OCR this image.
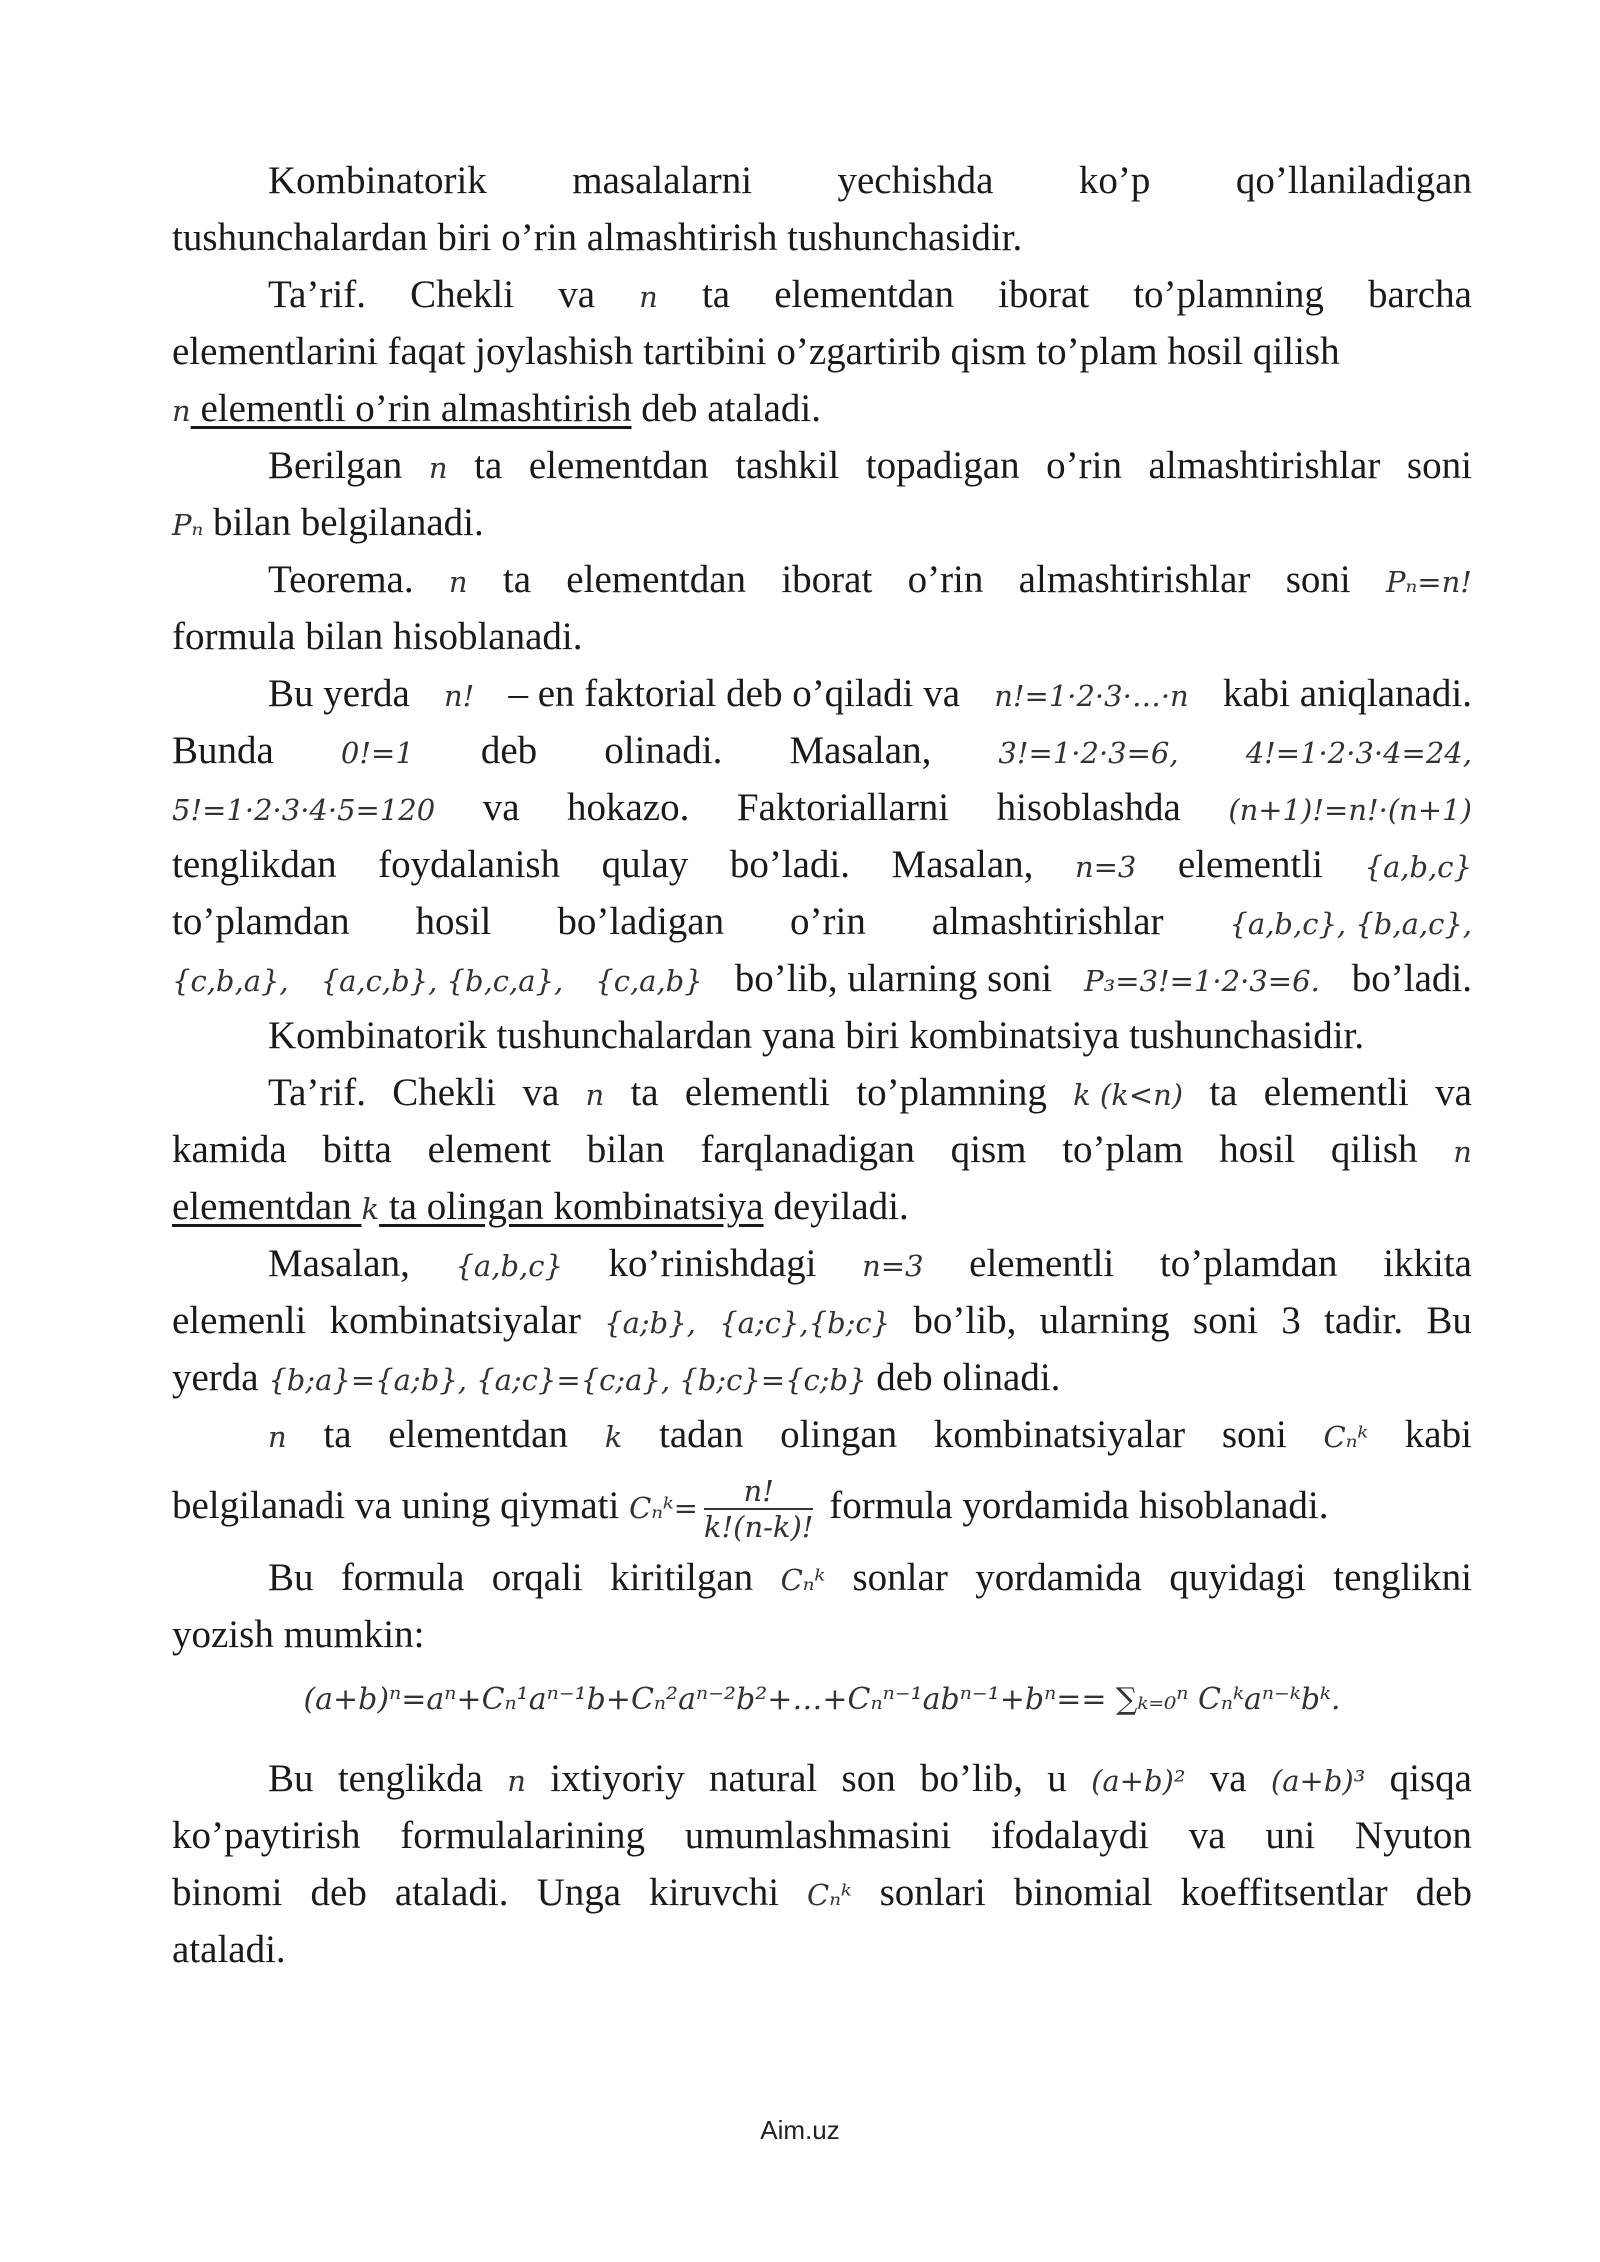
Kombinatorik masalalarni yechishda ko’p qo’llaniladigan
tushunchalardan biri o’rin almashtirish tushunchasidir.
Ta’rif. Chekli va n ta elementdan iborat to’plamning barcha
elementlarini faqat joylashish tartibini o’zgartirib qism to’plam hosil qilish
n elementli o’rin almashtirish deb ataladi.
Berilgan n ta elementdan tashkil topadigan o’rin almashtirishlar soni
Pₙ bilan belgilanadi.
Teorema. n ta elementdan iborat o’rin almashtirishlar soni Pₙ=n!
formula bilan hisoblanadi.
Bu yerda n! – en faktorial deb o’qiladi va n!=1·2·3·…·n kabi aniqlanadi.
Bunda 0!=1 deb olinadi. Masalan, 3!=1·2·3=6, 4!=1·2·3·4=24,
5!=1·2·3·4·5=120 va hokazo. Faktoriallarni hisoblashda (n+1)!=n!·(n+1)
tenglikdan foydalanish qulay bo’ladi. Masalan, n=3 elementli {a,b,c}
to’plamdan hosil bo’ladigan o’rin almashtirishlar {a,b,c}, {b,a,c},
{c,b,a}, {a,c,b}, {b,c,a}, {c,a,b} bo’lib, ularning soni P₃=3!=1·2·3=6. bo’ladi.
Kombinatorik tushunchalardan yana biri kombinatsiya tushunchasidir.
Ta’rif. Chekli va n ta elementli to’plamning k (k<n) ta elementli va
kamida bitta element bilan farqlanadigan qism to’plam hosil qilish n
elementdan k ta olingan kombinatsiya deyiladi.
Masalan, {a,b,c} ko’rinishdagi n=3 elementli to’plamdan ikkita
elemenli kombinatsiyalar {a;b}, {a;c},{b;c} bo’lib, ularning soni 3 tadir. Bu
yerda {b;a}={a;b}, {a;c}={c;a}, {b;c}={c;b} deb olinadi.
n ta elementdan k tadan olingan kombinatsiyalar soni Cₙᵏ kabi
belgilanadi va uning qiymati Cₙᵏ= $\frac{n!}{k!(n-k)!}$ formula yordamida hisoblanadi.
Bu formula orqali kiritilgan Cₙᵏ sonlar yordamida quyidagi tenglikni
yozish mumkin:
(a+b)ⁿ=aⁿ+Cₙ¹aⁿ⁻¹b+Cₙ²aⁿ⁻²b²+…+Cₙⁿ⁻¹abⁿ⁻¹+bⁿ== ∑ₖ₌₀ⁿ Cₙᵏaⁿ⁻ᵏbᵏ.
Bu tenglikda n ixtiyoriy natural son bo’lib, u (a+b)² va (a+b)³ qisqa
ko’paytirish formulalarining umumlashmasini ifodalaydi va uni Nyuton
binomi deb ataladi. Unga kiruvchi Cₙᵏ sonlari binomial koeffitsentlar deb
ataladi.
Aim.uz
